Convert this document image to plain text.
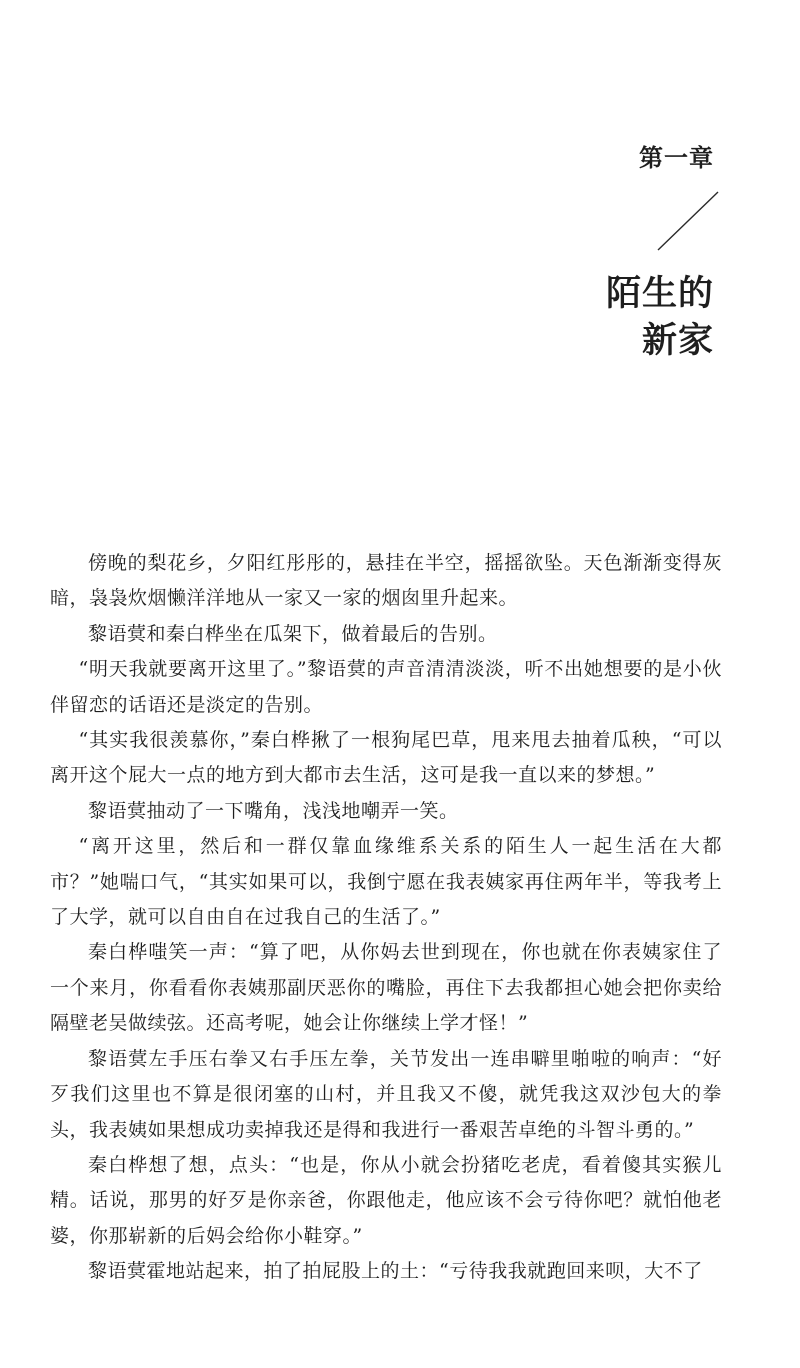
第一章
陌生的
新家

傍晚的梨花乡，夕阳红彤彤的，悬挂在半空，摇摇欲坠。天色渐渐变得灰暗，袅袅炊烟懒洋洋地从一家又一家的烟囱里升起来。

黎语蓂和秦白桦坐在瓜架下，做着最后的告别。

“明天我就要离开这里了。”黎语蓂的声音清清淡淡，听不出她想要的是小伙伴留恋的话语还是淡定的告别。

“其实我很羡慕你，”秦白桦揪了一根狗尾巴草，甩来甩去抽着瓜秧，“可以离开这个屁大一点的地方到大都市去生活，这可是我一直以来的梦想。”

黎语蓂抽动了一下嘴角，浅浅地嘲弄一笑。

“离开这里，然后和一群仅靠血缘维系关系的陌生人一起生活在大都市？”她喘口气，“其实如果可以，我倒宁愿在我表姨家再住两年半，等我考上了大学，就可以自由自在过我自己的生活了。”

秦白桦嗤笑一声：“算了吧，从你妈去世到现在，你也就在你表姨家住了一个来月，你看看你表姨那副厌恶你的嘴脸，再住下去我都担心她会把你卖给隔壁老吴做续弦。还高考呢，她会让你继续上学才怪！”

黎语蓂左手压右拳又右手压左拳，关节发出一连串噼里啪啦的响声：“好歹我们这里也不算是很闭塞的山村，并且我又不傻，就凭我这双沙包大的拳头，我表姨如果想成功卖掉我还是得和我进行一番艰苦卓绝的斗智斗勇的。”

秦白桦想了想，点头：“也是，你从小就会扮猪吃老虎，看着傻其实猴儿精。话说，那男的好歹是你亲爸，你跟他走，他应该不会亏待你吧？就怕他老婆，你那崭新的后妈会给你小鞋穿。”

黎语蓂霍地站起来，拍了拍屁股上的土：“亏待我我就跑回来呗，大不了
